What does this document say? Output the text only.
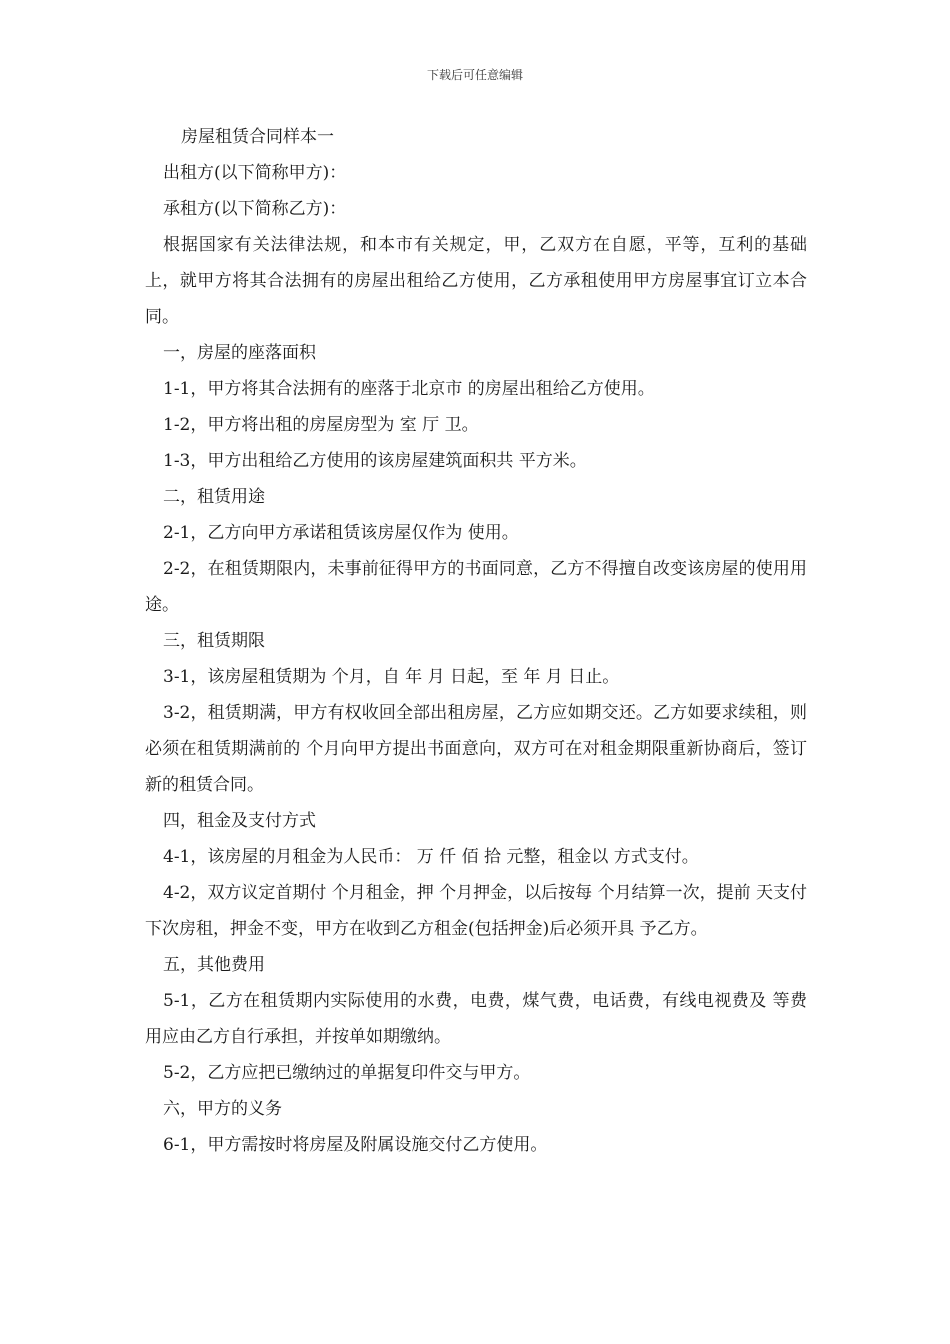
下载后可任意编辑

房屋租赁合同样本一

出租方(以下简称甲方)：

承租方(以下简称乙方)：

根据国家有关法律法规，和本市有关规定，甲，乙双方在自愿，平等，互利的基础上，就甲方将其合法拥有的房屋出租给乙方使用，乙方承租使用甲方房屋事宜订立本合同。

一，房屋的座落面积

1-1，甲方将其合法拥有的座落于北京市 的房屋出租给乙方使用。

1-2，甲方将出租的房屋房型为 室 厅 卫。

1-3，甲方出租给乙方使用的该房屋建筑面积共 平方米。

二，租赁用途

2-1，乙方向甲方承诺租赁该房屋仅作为 使用。

2-2，在租赁期限内，未事前征得甲方的书面同意，乙方不得擅自改变该房屋的使用用途。

三，租赁期限

3-1，该房屋租赁期为 个月，自 年 月 日起，至 年 月 日止。

3-2，租赁期满，甲方有权收回全部出租房屋，乙方应如期交还。乙方如要求续租，则必须在租赁期满前的 个月向甲方提出书面意向，双方可在对租金期限重新协商后，签订新的租赁合同。

四，租金及支付方式

4-1，该房屋的月租金为人民币： 万 仟 佰 拾 元整，租金以 方式支付。

4-2，双方议定首期付 个月租金，押 个月押金，以后按每 个月结算一次，提前 天支付下次房租，押金不变，甲方在收到乙方租金(包括押金)后必须开具 予乙方。

五，其他费用

5-1，乙方在租赁期内实际使用的水费，电费，煤气费，电话费，有线电视费及 等费用应由乙方自行承担，并按单如期缴纳。

5-2，乙方应把已缴纳过的单据复印件交与甲方。

六，甲方的义务

6-1，甲方需按时将房屋及附属设施交付乙方使用。
